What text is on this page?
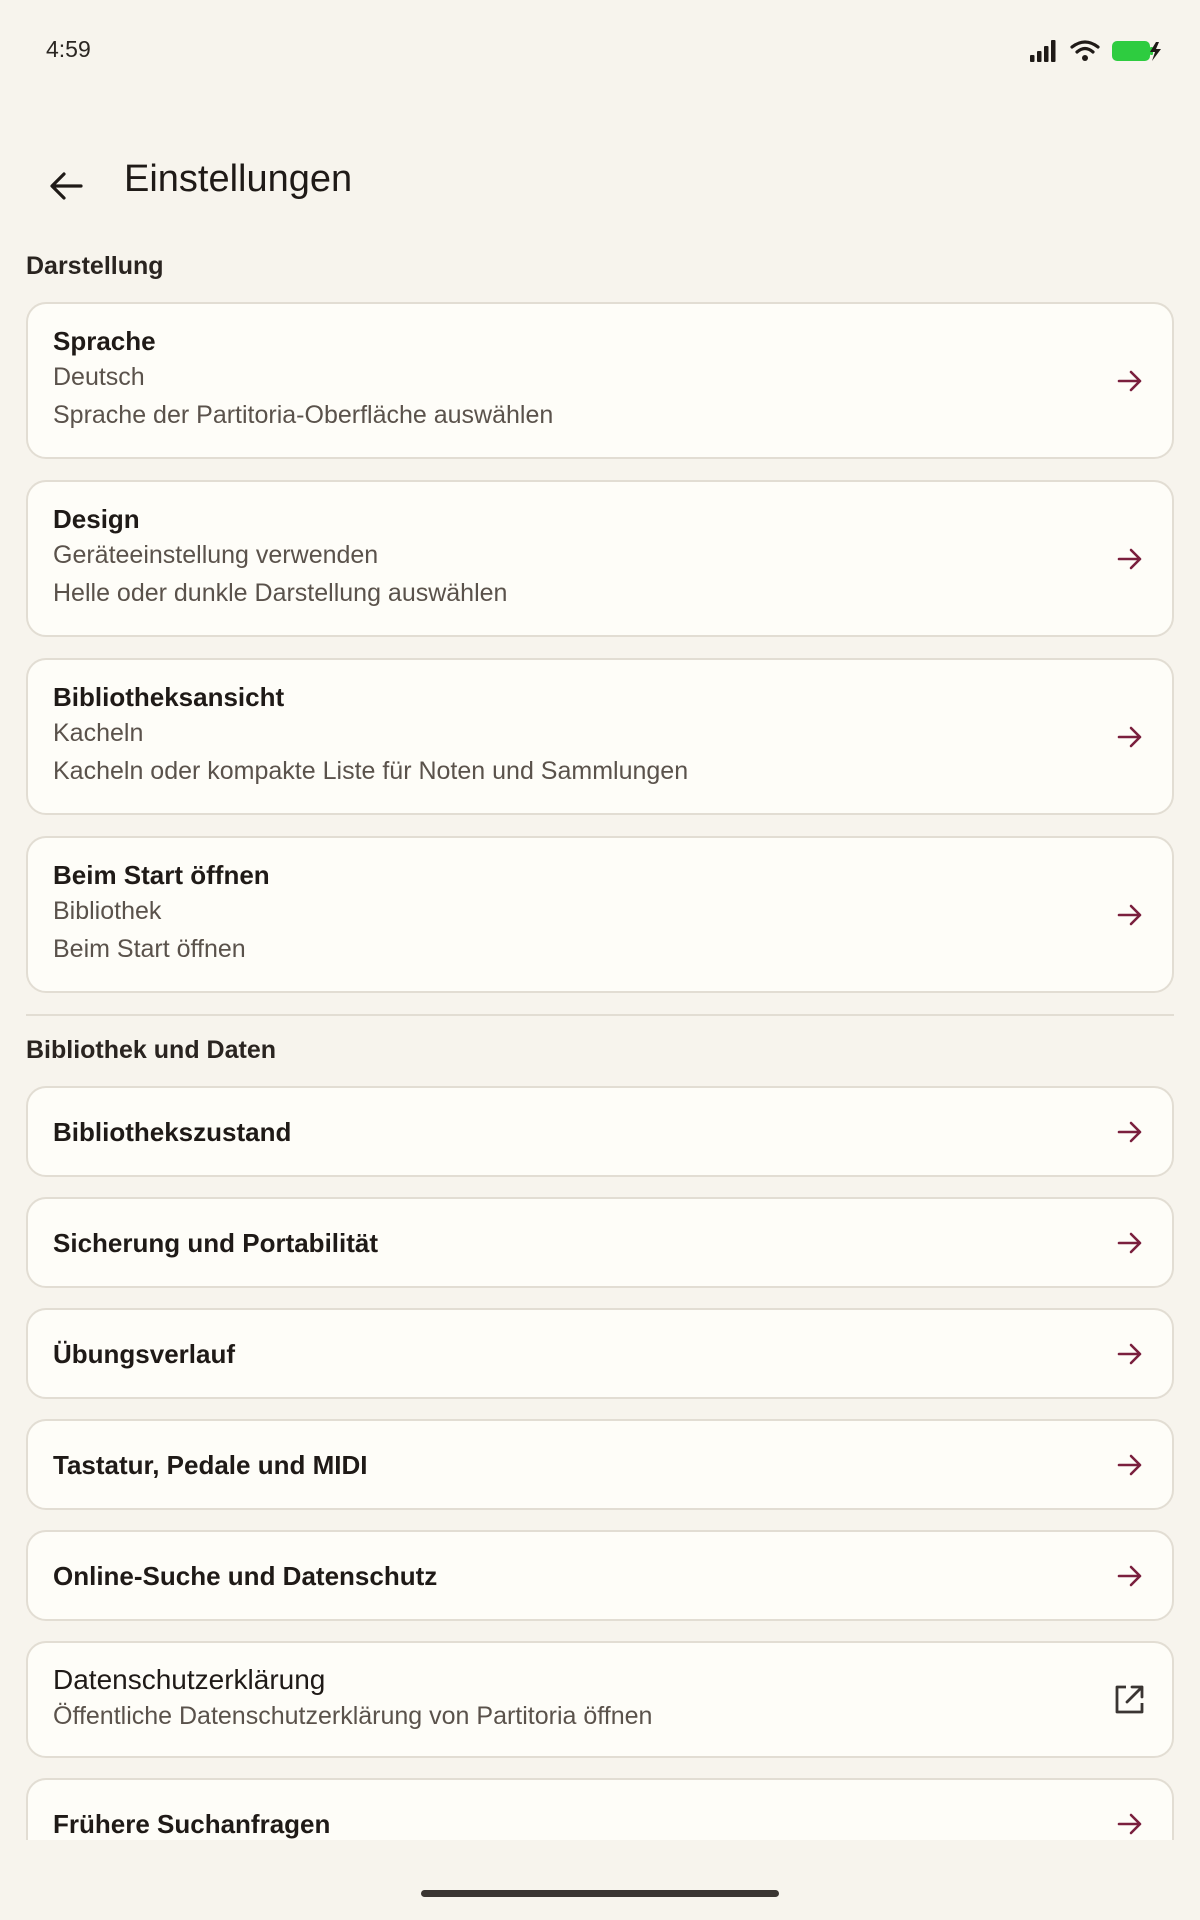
4:59
Einstellungen
Darstellung
Sprache
Deutsch
Sprache der Partitoria-Oberfläche auswählen
Design
Geräteeinstellung verwenden
Helle oder dunkle Darstellung auswählen
Bibliotheksansicht
Kacheln
Kacheln oder kompakte Liste für Noten und Sammlungen
Beim Start öffnen
Bibliothek
Beim Start öffnen
Bibliothek und Daten
Bibliothekszustand
Sicherung und Portabilität
Übungsverlauf
Tastatur, Pedale und MIDI
Online-Suche und Datenschutz
Datenschutzerklärung
Öffentliche Datenschutzerklärung von Partitoria öffnen
Frühere Suchanfragen
